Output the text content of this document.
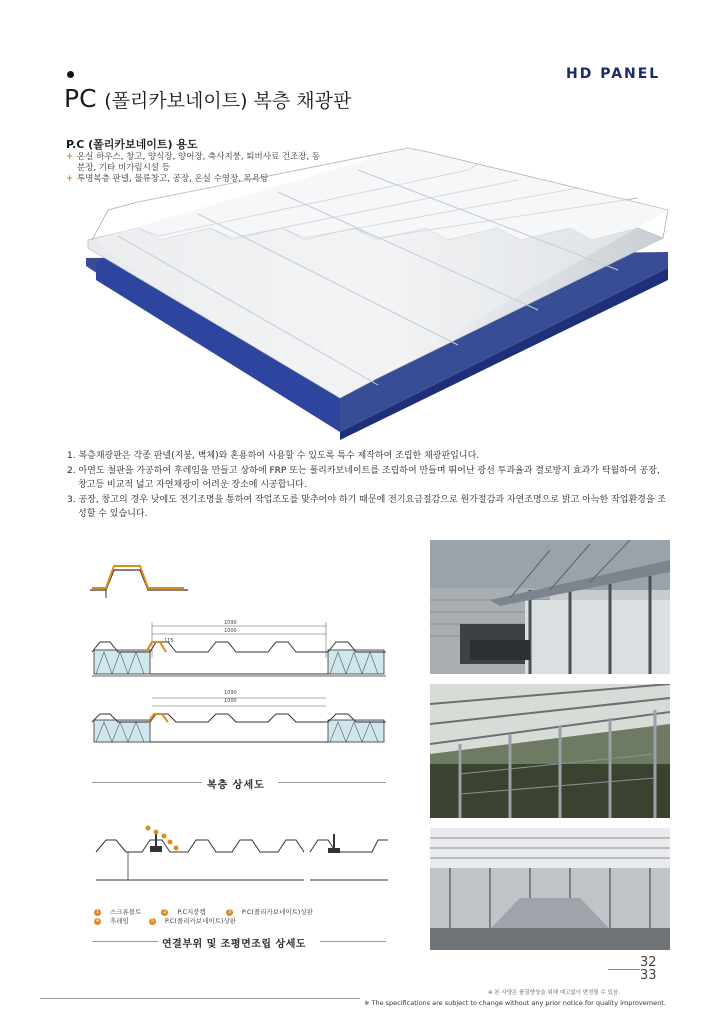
PC (폴리카보네이트) 복층 채광판
HD PANEL
P.C (폴리카보네이트) 용도
+ 온실 하우스, 창고, 양식장, 양어장, 축사지붕, 퇴비사료 건조장, 동분장, 기타 비가림시설 등
+ 투명복층 판넬, 물류창고, 공장, 온실 수영장, 목욕탕
1. 복층채광판은 각종 판넬(지붕, 벽체)와 혼용하여 사용할 수 있도록 특수 제작하여 조립한 채광판입니다.
2. 아연도 철판을 가공하여 후레임을 만들고 상하에 FRP 또는 폴리카보네이트를 조립하여 만들며 뛰어난 광선 투과율과 결로방지 효과가 탁월하여 공장, 창고등 비교적 넓고 자연채광이 어려운 장소에 시공합니다.
3. 공장, 창고의 경우 낮에도 전기조명을 통하여 작업조도를 맞추어야 하기 때문에 전기요금절감으로 원가절감과 자연조명으로 밝고 아늑한 작업환경을 조성할 수 있습니다.
1090
1000
115
1090
1000
복층 상세도
1 스크류볼트	2 P.C지붕캡	3 P.C(폴리카보네이트)상판
4 후레임	5 P.C(폴리카보네이트)상판
연결부위 및 조평면조립 상세도
32
33
※ 본 사양은 품질향상을 위해 예고없이 변경될 수 있음.
※ The specifications are subject to change without any prior notice for quality improvement.
